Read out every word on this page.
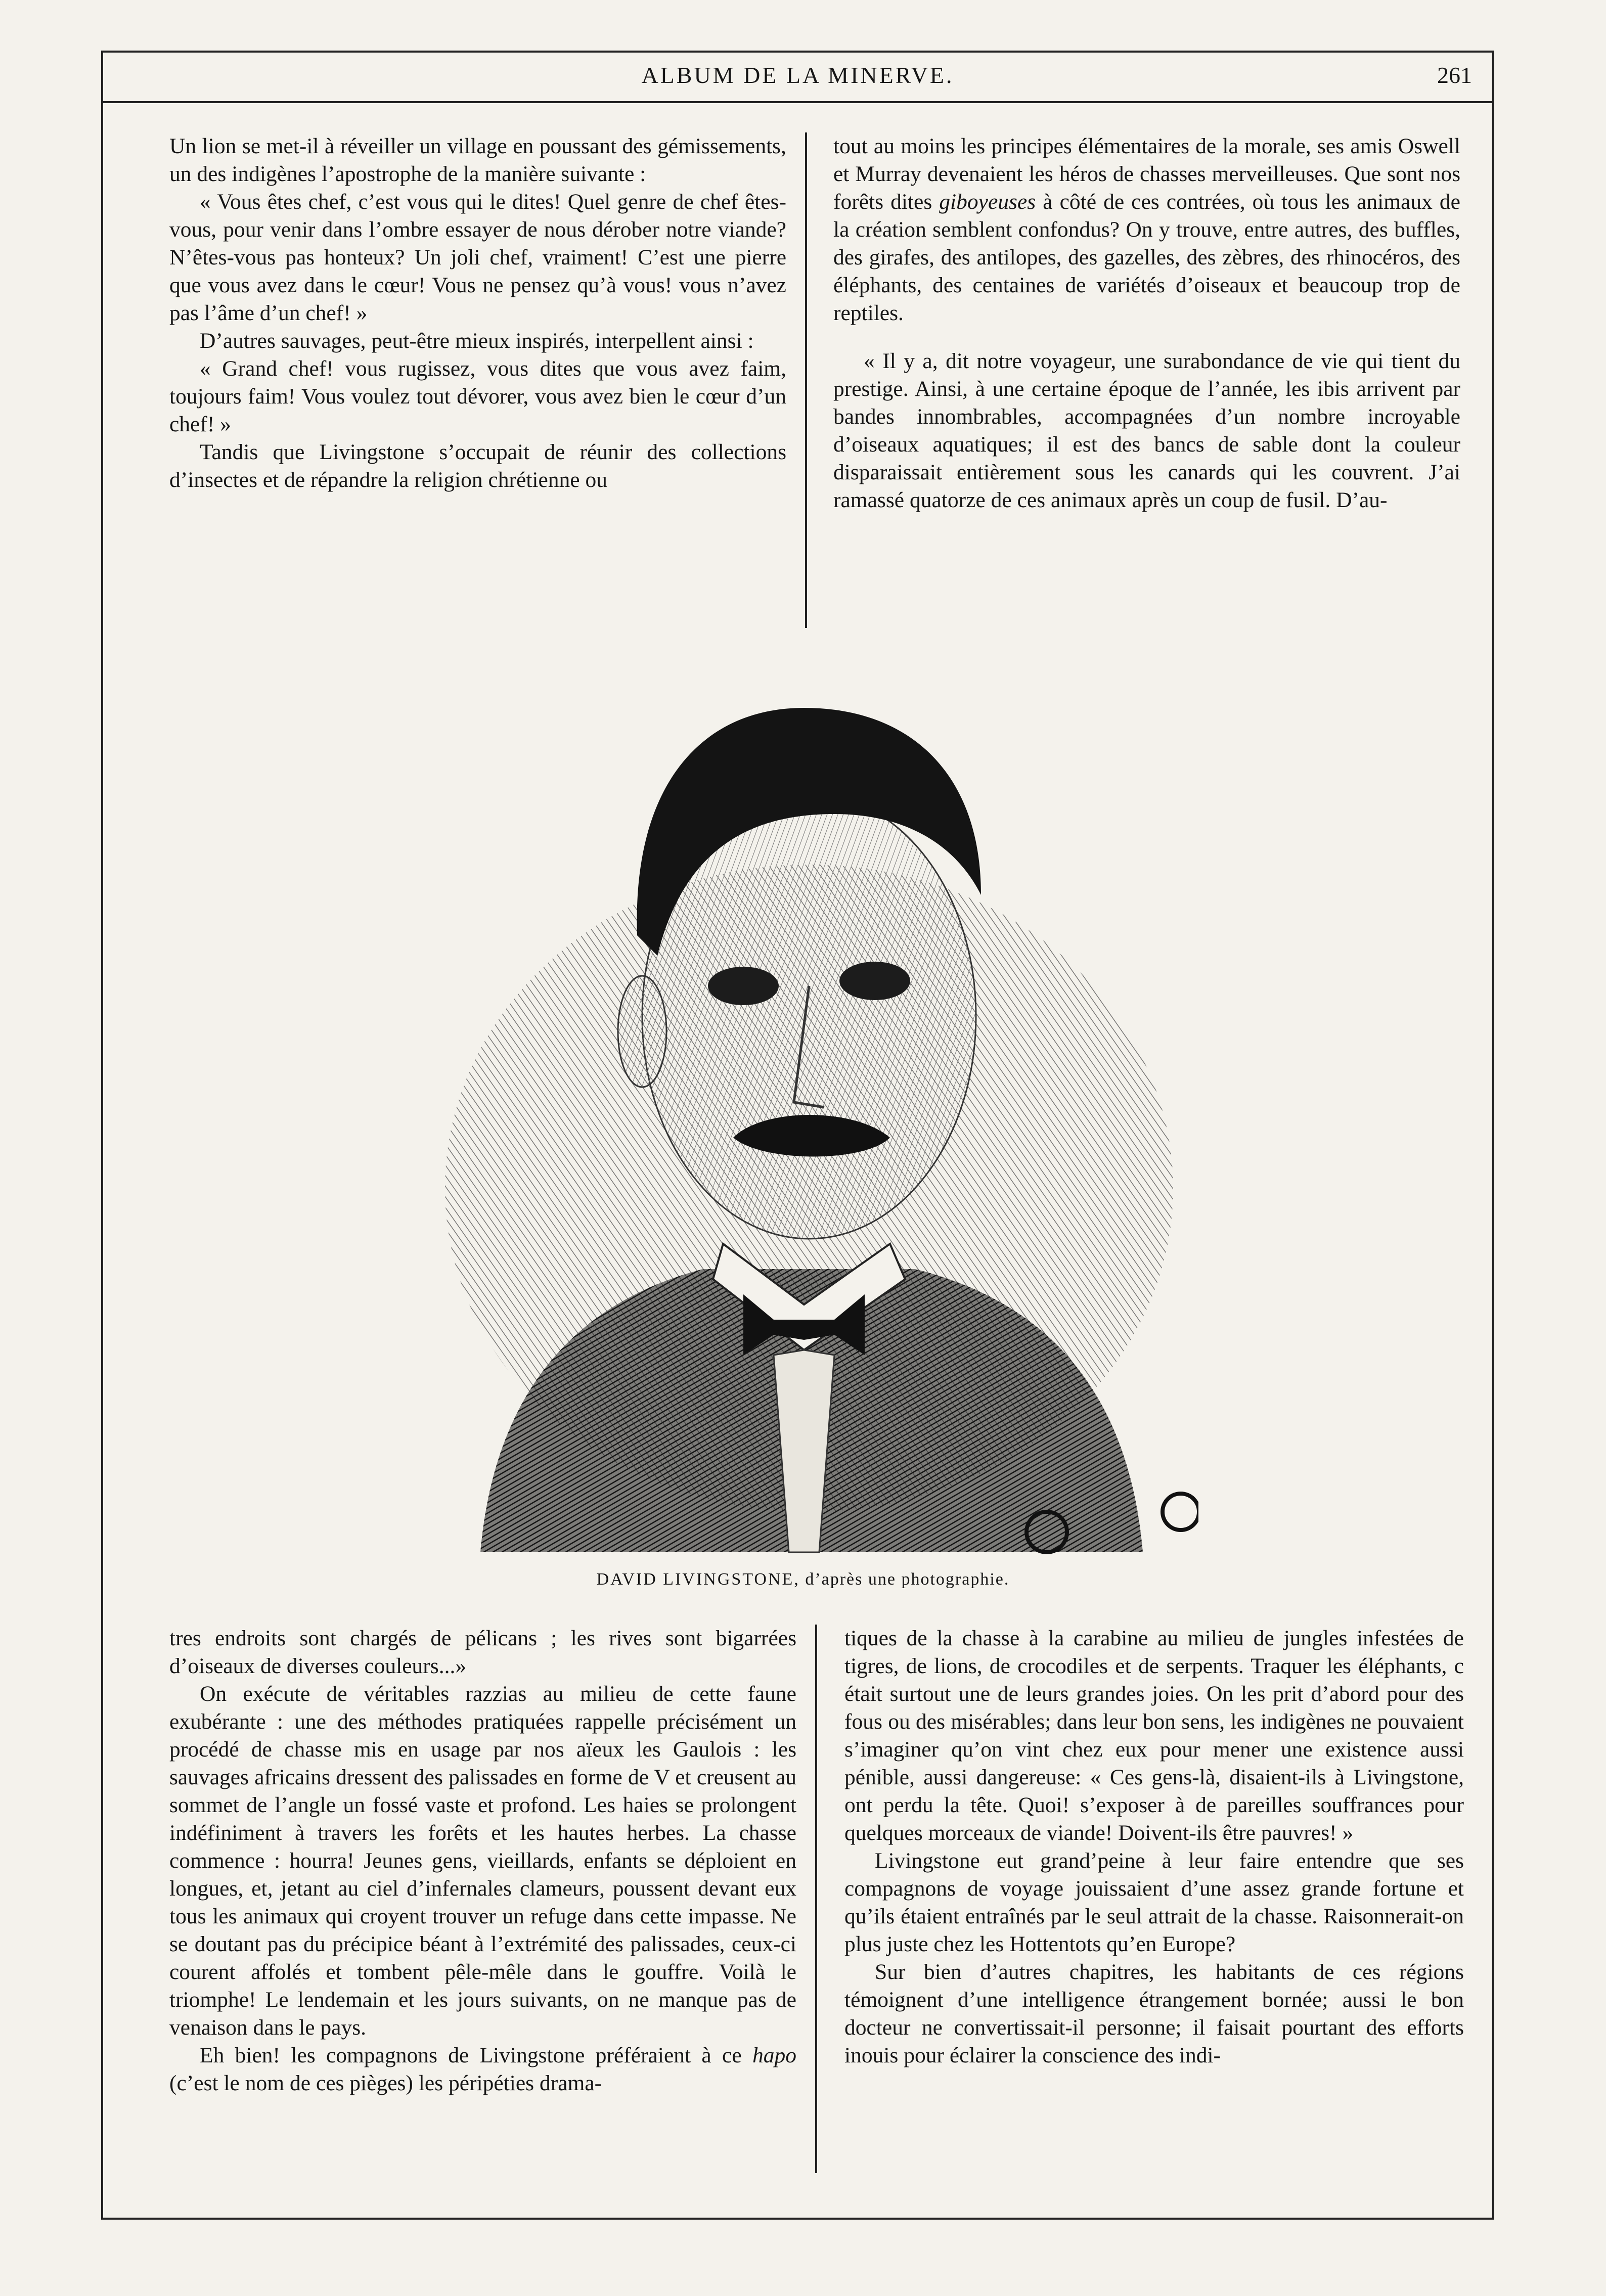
ALBUM DE LA MINERVE.	261

Un lion se met-il à réveiller un village en poussant des gémissements, un des indigènes l’apostrophe de la manière suivante :

« Vous êtes chef, c’est vous qui le dites! Quel genre de chef êtes-vous, pour venir dans l’ombre essayer de nous dérober notre viande? N’êtes-vous pas honteux? Un joli chef, vraiment! C’est une pierre que vous avez dans le cœur! Vous ne pensez qu’à vous! vous n’avez pas l’âme d’un chef! »

D’autres sauvages, peut-être mieux inspirés, interpellent ainsi :

« Grand chef! vous rugissez, vous dites que vous avez faim, toujours faim! Vous voulez tout dévorer, vous avez bien le cœur d’un chef! »

Tandis que Livingstone s’occupait de réunir des collections d’insectes et de répandre la religion chrétienne ou

tout au moins les principes élémentaires de la morale, ses amis Oswell et Murray devenaient les héros de chasses merveilleuses. Que sont nos forêts dites giboyeuses à côté de ces contrées, où tous les animaux de la création semblent confondus? On y trouve, entre autres, des buffles, des girafes, des antilopes, des gazelles, des zèbres, des rhinocéros, des éléphants, des centaines de variétés d’oiseaux et beaucoup trop de reptiles.

« Il y a, dit notre voyageur, une surabondance de vie qui tient du prestige. Ainsi, à une certaine époque de l’année, les ibis arrivent par bandes innombrables, accompagnées d’un nombre incroyable d’oiseaux aquatiques; il est des bancs de sable dont la couleur disparaissait entièrement sous les canards qui les couvrent. J’ai ramassé quatorze de ces animaux après un coup de fusil. D’au-

DAVID LIVINGSTONE, d’après une photographie.

tres endroits sont chargés de pélicans ; les rives sont bigarrées d’oiseaux de diverses couleurs...»

On exécute de véritables razzias au milieu de cette faune exubérante : une des méthodes pratiquées rappelle précisément un procédé de chasse mis en usage par nos aïeux les Gaulois : les sauvages africains dressent des palissades en forme de V et creusent au sommet de l’angle un fossé vaste et profond. Les haies se prolongent indéfiniment à travers les forêts et les hautes herbes. La chasse commence : hourra! Jeunes gens, vieillards, enfants se déploient en longues, et, jetant au ciel d’infernales clameurs, poussent devant eux tous les animaux qui croyent trouver un refuge dans cette impasse. Ne se doutant pas du précipice béant à l’extrémité des palissades, ceux-ci courent affolés et tombent pêle-mêle dans le gouffre. Voilà le triomphe! Le lendemain et les jours suivants, on ne manque pas de venaison dans le pays.

Eh bien! les compagnons de Livingstone préféraient à ce hapo (c’est le nom de ces pièges) les péripéties drama-

tiques de la chasse à la carabine au milieu de jungles infestées de tigres, de lions, de crocodiles et de serpents. Traquer les éléphants, c était surtout une de leurs grandes joies. On les prit d’abord pour des fous ou des misérables; dans leur bon sens, les indigènes ne pouvaient s’imaginer qu’on vint chez eux pour mener une existence aussi pénible, aussi dangereuse: « Ces gens-là, disaient-ils à Livingstone, ont perdu la tête. Quoi! s’exposer à de pareilles souffrances pour quelques morceaux de viande! Doivent-ils être pauvres! »

Livingstone eut grand’peine à leur faire entendre que ses compagnons de voyage jouissaient d’une assez grande fortune et qu’ils étaient entraînés par le seul attrait de la chasse. Raisonnerait-on plus juste chez les Hottentots qu’en Europe?

Sur bien d’autres chapitres, les habitants de ces régions témoignent d’une intelligence étrangement bornée; aussi le bon docteur ne convertissait-il personne; il faisait pourtant des efforts inouis pour éclairer la conscience des indi-
